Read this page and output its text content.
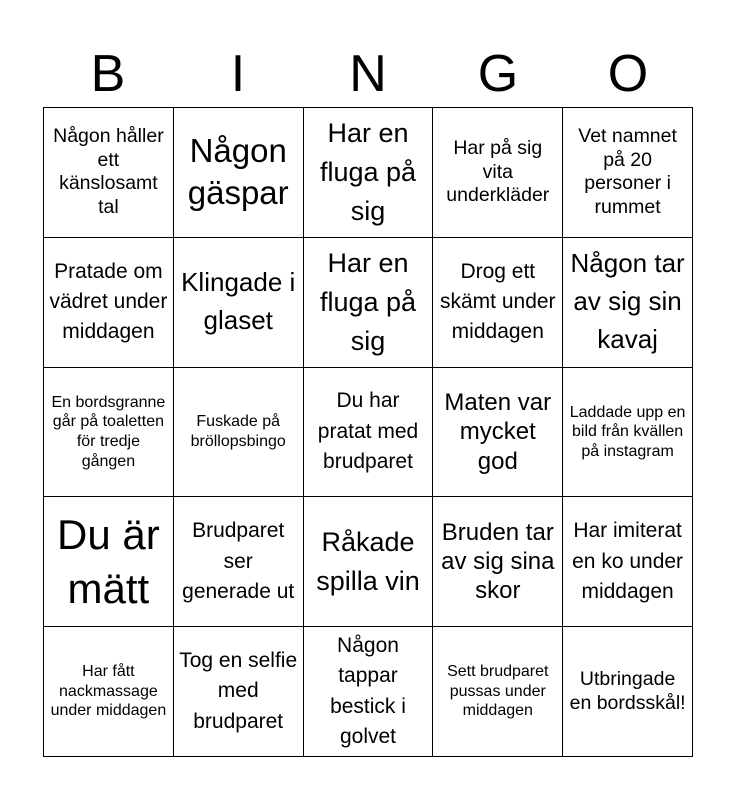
B	I	N	G	O
Någon håller ett känslosamt tal
Någon gäspar
Har en fluga på sig
Har på sig vita underkläder
Vet namnet på 20 personer i rummet
Pratade om vädret under middagen
Klingade i glaset
Har en fluga på sig
Drog ett skämt under middagen
Någon tar av sig sin kavaj
En bordsgranne går på toaletten för tredje gången
Fuskade på bröllopsbingo
Du har pratat med brudparet
Maten var mycket god
Laddade upp en bild från kvällen på instagram
Du är mätt
Brudparet ser generade ut
Råkade spilla vin
Bruden tar av sig sina skor
Har imiterat en ko under middagen
Har fått nackmassage under middagen
Tog en selfie med brudparet
Någon tappar bestick i golvet
Sett brudparet pussas under middagen
Utbringade en bordsskål!
